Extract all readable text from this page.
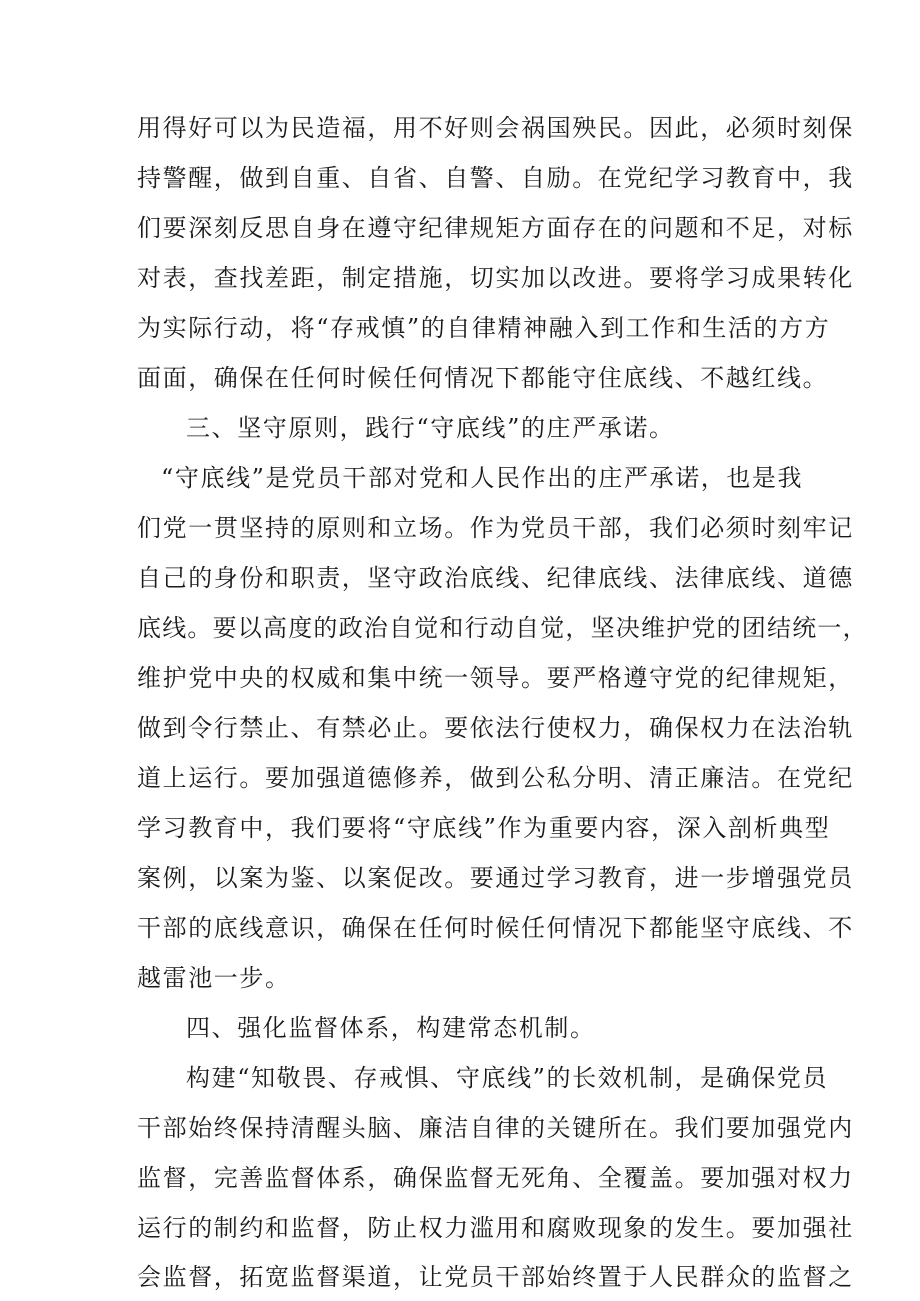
用得好可以为民造福，用不好则会祸国殃民。因此，必须时刻保
持警醒，做到自重、自省、自警、自励。在党纪学习教育中，我
们要深刻反思自身在遵守纪律规矩方面存在的问题和不足，对标
对表，查找差距，制定措施，切实加以改进。要将学习成果转化
为实际行动，将“存戒慎”的自律精神融入到工作和生活的方方
面面，确保在任何时候任何情况下都能守住底线、不越红线。
三、坚守原则，践行“守底线”的庄严承诺。
“守底线”是党员干部对党和人民作出的庄严承诺，也是我
们党一贯坚持的原则和立场。作为党员干部，我们必须时刻牢记
自己的身份和职责，坚守政治底线、纪律底线、法律底线、道德
底线。要以高度的政治自觉和行动自觉，坚决维护党的团结统一，
维护党中央的权威和集中统一领导。要严格遵守党的纪律规矩，
做到令行禁止、有禁必止。要依法行使权力，确保权力在法治轨
道上运行。要加强道德修养，做到公私分明、清正廉洁。在党纪
学习教育中，我们要将“守底线”作为重要内容，深入剖析典型
案例，以案为鉴、以案促改。要通过学习教育，进一步增强党员
干部的底线意识，确保在任何时候任何情况下都能坚守底线、不
越雷池一步。
四、强化监督体系，构建常态机制。
构建“知敬畏、存戒惧、守底线”的长效机制，是确保党员
干部始终保持清醒头脑、廉洁自律的关键所在。我们要加强党内
监督，完善监督体系，确保监督无死角、全覆盖。要加强对权力
运行的制约和监督，防止权力滥用和腐败现象的发生。要加强社
会监督，拓宽监督渠道，让党员干部始终置于人民群众的监督之
